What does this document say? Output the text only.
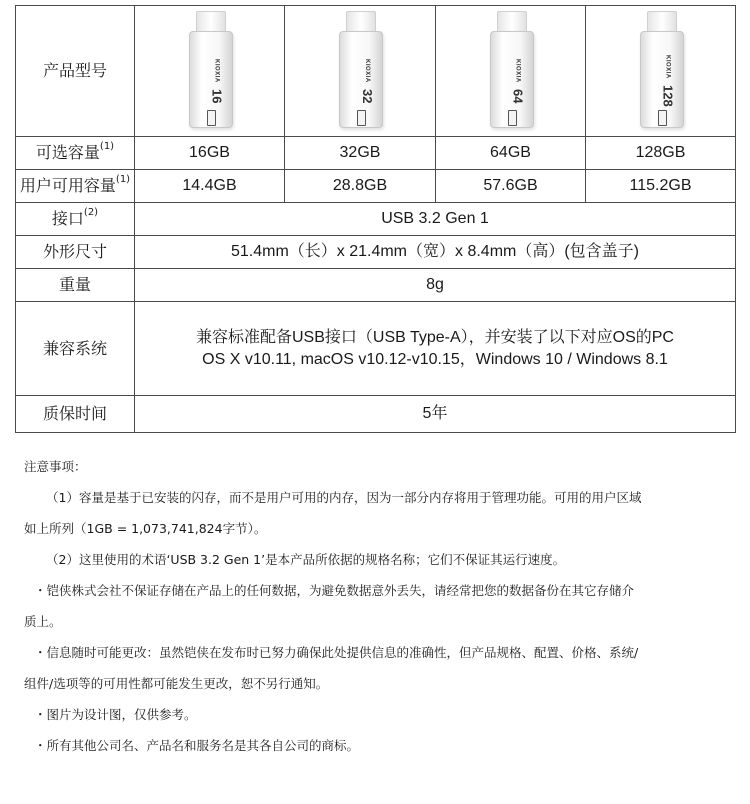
产品型号	KIOXIA 16	KIOXIA 32	KIOXIA 64	KIOXIA 128

可选容量$^{(1)}$	16GB	32GB	64GB	128GB
用户可用容量$^{(1)}$	14.4GB	28.8GB	57.6GB	115.2GB
接口$^{(2)}$	USB 3.2 Gen 1			
外形尺寸	51.4mm（长）x 21.4mm（宽）x 8.4mm（高）(包含盖子)			
重量	8g			
兼容系统	兼容标准配备USB接口（USB Type-A），并安装了以下对应OS的PC
OS X v10.11, macOS v10.12-v10.15，Windows 10 / Windows 8.1			

质保时间	5年			

注意事项：

（1）容量是基于已安装的闪存，而不是用户可用的内存，因为一部分内存将用于管理功能。可用的用户区域

如上所列（1GB = 1,073,741,824字节）。

（2）这里使用的术语‘USB 3.2 Gen 1’是本产品所依据的规格名称；它们不保证其运行速度。

・铠侠株式会社不保证存储在产品上的任何数据，为避免数据意外丢失，请经常把您的数据备份在其它存储介

质上。

・信息随时可能更改：虽然铠侠在发布时已努力确保此处提供信息的准确性，但产品规格、配置、价格、系统/

组件/选项等的可用性都可能发生更改，恕不另行通知。

・图片为设计图，仅供参考。

・所有其他公司名、产品名和服务名是其各自公司的商标。
